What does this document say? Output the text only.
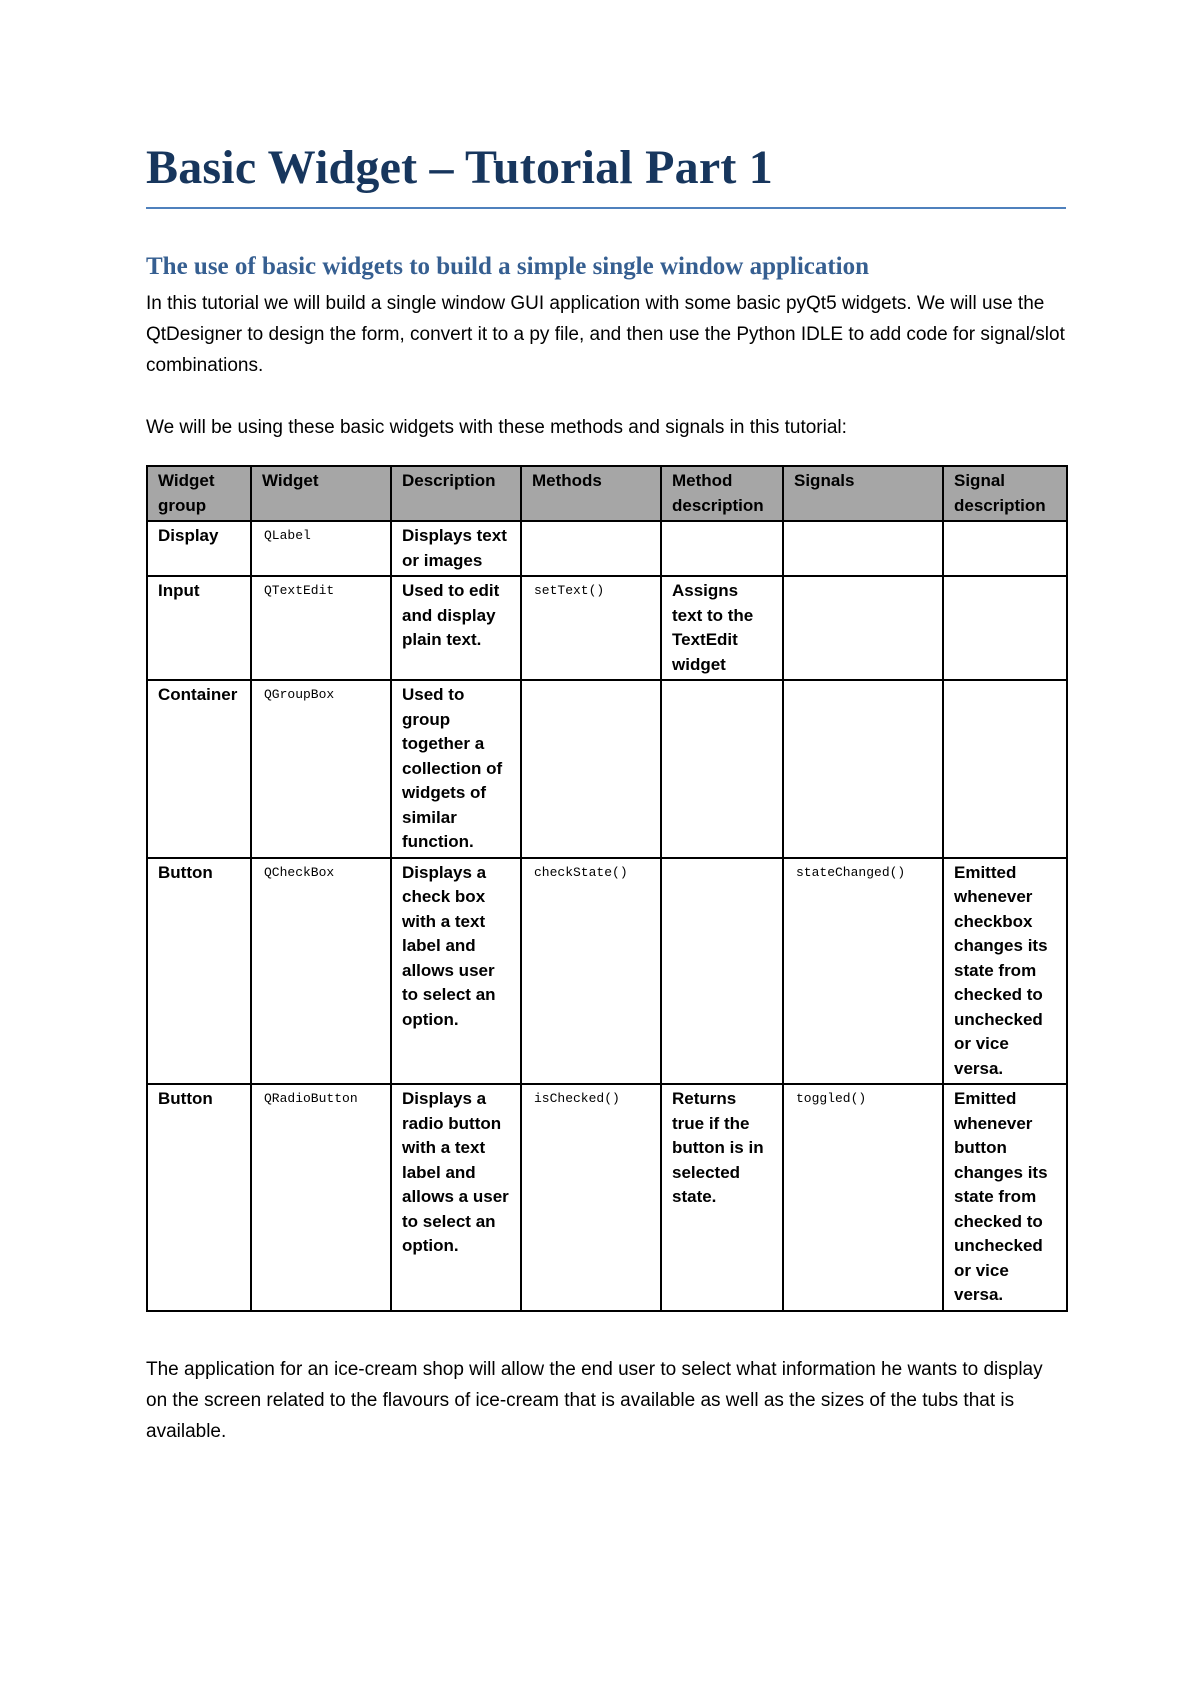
Basic Widget – Tutorial Part 1
The use of basic widgets to build a simple single window application

In this tutorial we will build a single window GUI application with some basic pyQt5 widgets. We will use the QtDesigner to design the form, convert it to a py file, and then use the Python IDLE to add code for signal/slot combinations.

We will be using these basic widgets with these methods and signals in this tutorial:

Widget group	Widget	Description	Methods	Method description	Signals	Signal description
Display	QLabel	Displays text or images				
Input	QTextEdit	Used to edit and display plain text.	setText()	Assigns text to the TextEdit widget		
Container	QGroupBox	Used to group together a collection of widgets of similar function.				
Button	QCheckBox	Displays a check box with a text label and allows user to select an option.	checkState()		stateChanged()	Emitted whenever checkbox changes its state from checked to unchecked or vice versa.
Button	QRadioButton	Displays a radio button with a text label and allows a user to select an option.	isChecked()	Returns true if the button is in selected state.	toggled()	Emitted whenever button changes its state from checked to unchecked or vice versa.

The application for an ice-cream shop will allow the end user to select what information he wants to display on the screen related to the flavours of ice-cream that is available as well as the sizes of the tubs that is available.
